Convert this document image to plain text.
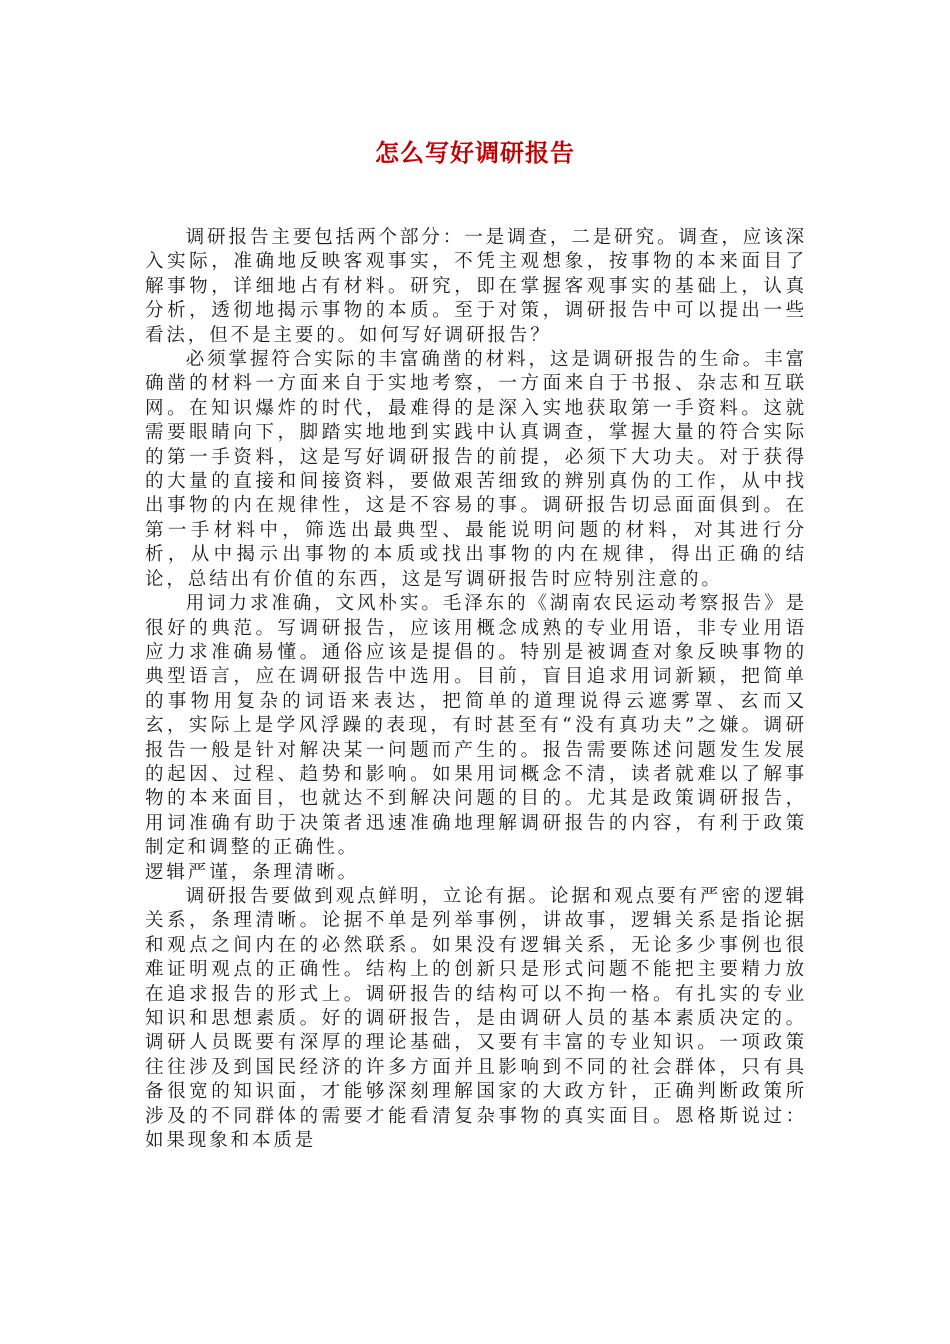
怎么写好调研报告

调研报告主要包括两个部分：一是调查，二是研究。调查，应该深入实际，准确地反映客观事实，不凭主观想象，按事物的本来面目了解事物，详细地占有材料。研究，即在掌握客观事实的基础上，认真分析，透彻地揭示事物的本质。至于对策，调研报告中可以提出一些看法，但不是主要的。如何写好调研报告？

必须掌握符合实际的丰富确凿的材料，这是调研报告的生命。丰富确凿的材料一方面来自于实地考察，一方面来自于书报、杂志和互联网。在知识爆炸的时代，最难得的是深入实地获取第一手资料。这就需要眼睛向下，脚踏实地地到实践中认真调查，掌握大量的符合实际的第一手资料，这是写好调研报告的前提，必须下大功夫。对于获得的大量的直接和间接资料，要做艰苦细致的辨别真伪的工作，从中找出事物的内在规律性，这是不容易的事。调研报告切忌面面俱到。在第一手材料中，筛选出最典型、最能说明问题的材料，对其进行分析，从中揭示出事物的本质或找出事物的内在规律，得出正确的结论，总结出有价值的东西，这是写调研报告时应特别注意的。

用词力求准确，文风朴实。毛泽东的《湖南农民运动考察报告》是很好的典范。写调研报告，应该用概念成熟的专业用语，非专业用语应力求准确易懂。通俗应该是提倡的。特别是被调查对象反映事物的典型语言，应在调研报告中选用。目前，盲目追求用词新颖，把简单的事物用复杂的词语来表达，把简单的道理说得云遮雾罩、玄而又玄，实际上是学风浮躁的表现，有时甚至有“没有真功夫”之嫌。调研报告一般是针对解决某一问题而产生的。报告需要陈述问题发生发展的起因、过程、趋势和影响。如果用词概念不清，读者就难以了解事物的本来面目，也就达不到解决问题的目的。尤其是政策调研报告，用词准确有助于决策者迅速准确地理解调研报告的内容，有利于政策制定和调整的正确性。

逻辑严谨，条理清晰。

调研报告要做到观点鲜明，立论有据。论据和观点要有严密的逻辑关系，条理清晰。论据不单是列举事例，讲故事，逻辑关系是指论据和观点之间内在的必然联系。如果没有逻辑关系，无论多少事例也很难证明观点的正确性。结构上的创新只是形式问题不能把主要精力放在追求报告的形式上。调研报告的结构可以不拘一格。有扎实的专业知识和思想素质。好的调研报告，是由调研人员的基本素质决定的。调研人员既要有深厚的理论基础，又要有丰富的专业知识。一项政策往往涉及到国民经济的许多方面并且影响到不同的社会群体，只有具备很宽的知识面，才能够深刻理解国家的大政方针，正确判断政策所涉及的不同群体的需要才能看清复杂事物的真实面目。恩格斯说过：如果现象和本质是
